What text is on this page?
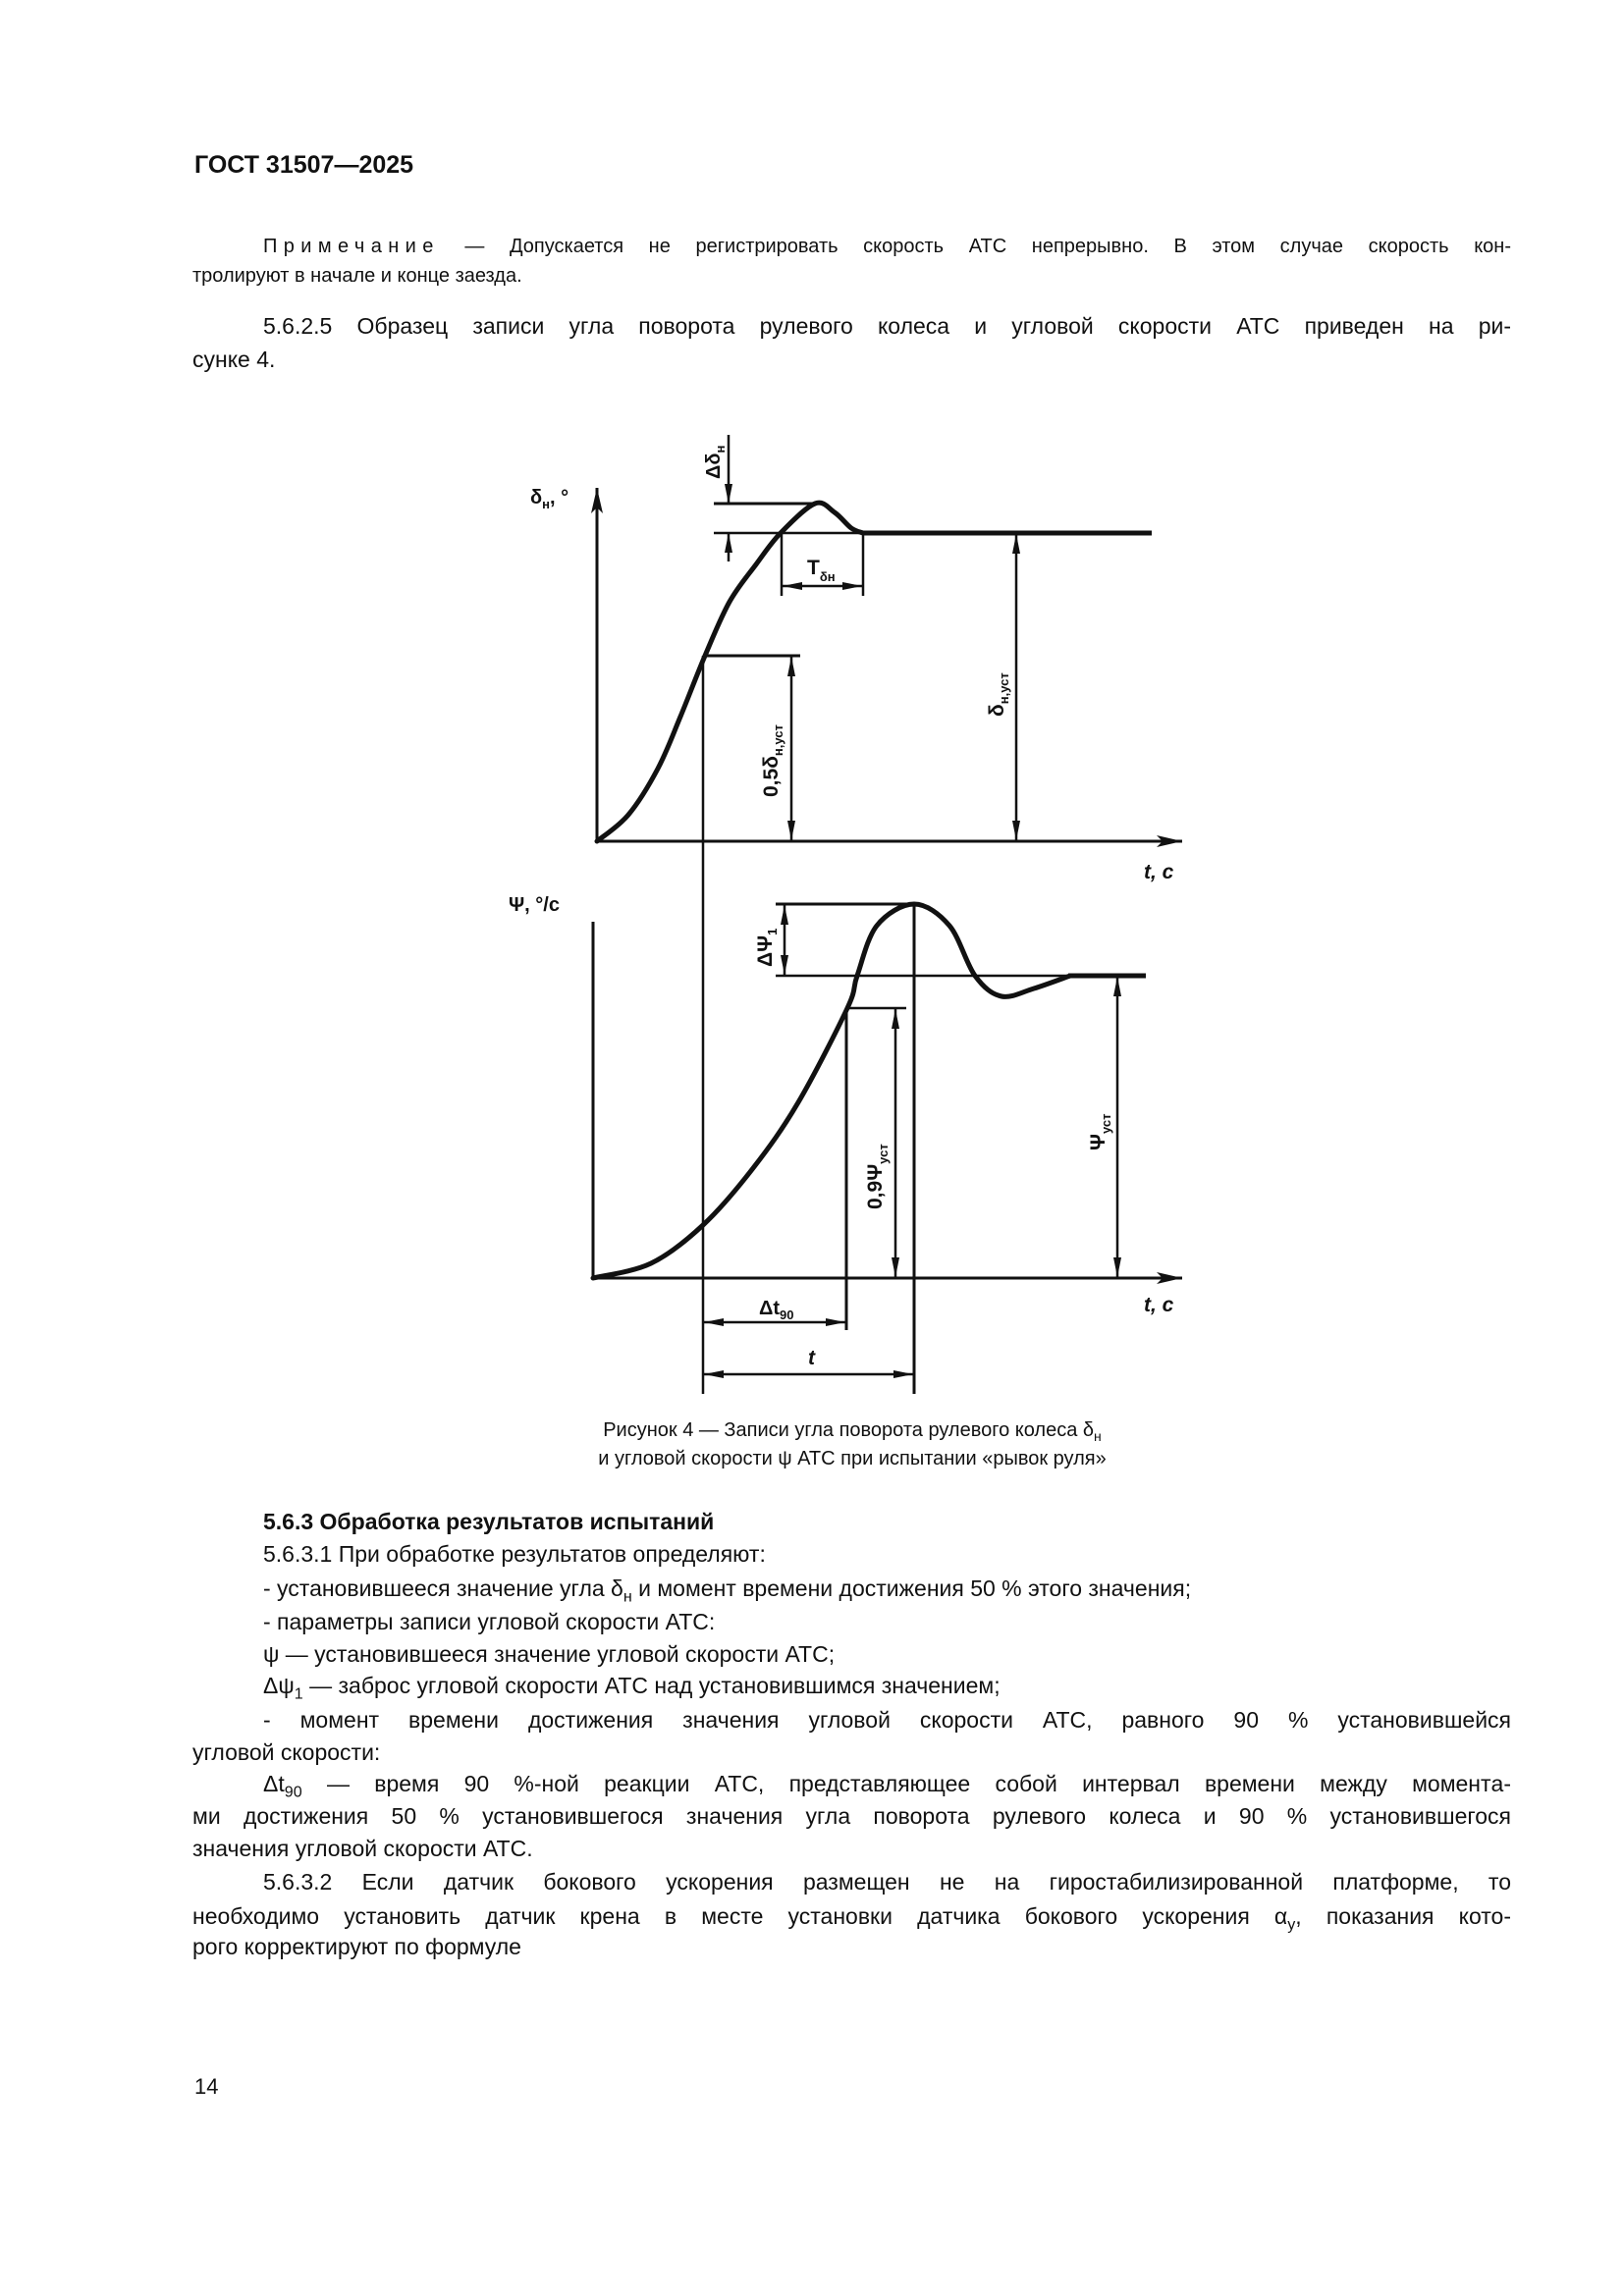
ГОСТ 31507—2025
Примечание — Допускается не регистрировать скорость АТС непрерывно. В этом случае скорость кон-
тролируют в начале и конце заезда.
5.6.2.5 Образец записи угла поворота рулевого колеса и угловой скорости АТС приведен на ри-
сунке 4.
$\delta_н$, °
t, c
$\Delta\delta_н$
$T_{\delta н}$
$0,5\delta_{н,уст}$
$\delta_{н,уст}$
Ψ, °/с
t, c
$\Delta\Psi_1$
$0,9\Psi_{уст}$
$\Psi_{уст}$
$\Delta t_{90}$
t
Рисунок 4 — Записи угла поворота рулевого колеса $\delta_н$
и угловой скорости ψ АТС при испытании «рывок руля»
5.6.3 Обработка результатов испытаний
5.6.3.1 При обработке результатов определяют:
- установившееся значение угла $\delta_н$ и момент времени достижения 50 % этого значения;
- параметры записи угловой скорости АТС:
ψ — установившееся значение угловой скорости АТС;
$\Delta\psi_1$ — заброс угловой скорости АТС над установившимся значением;
- момент времени достижения значения угловой скорости АТС, равного 90 % установившейся
угловой скорости:
$\Delta t_{90}$ — время 90 %-ной реакции АТС, представляющее собой интервал времени между моментa-
ми достижения 50 % установившегося значения угла поворота рулевого колеса и 90 % установившегося
значения угловой скорости АТС.
5.6.3.2 Если датчик бокового ускорения размещен не на гиростабилизированной платформе, то
необходимо установить датчик крена в месте установки датчика бокового ускорения $\alpha_y$, показания кото-
рого корректируют по формуле
14
